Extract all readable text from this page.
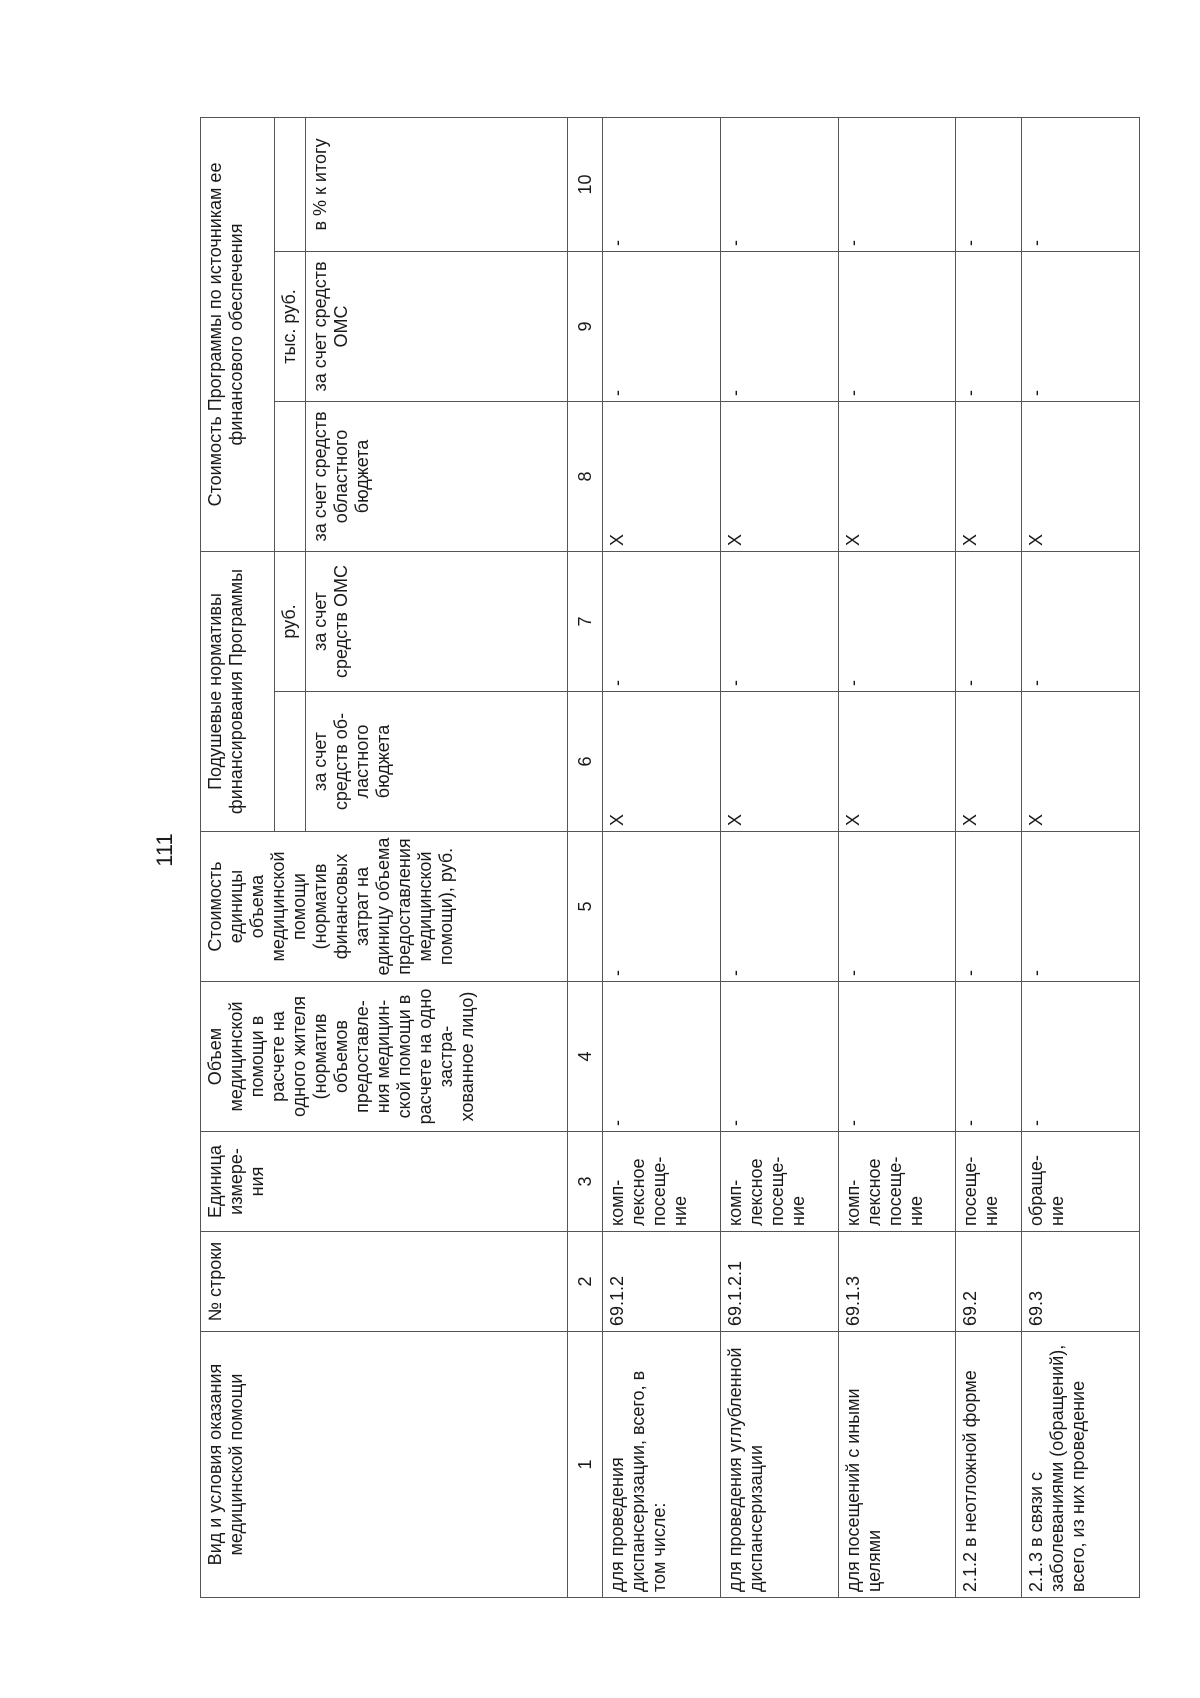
111
Вид и условия оказания медицинской помощи	№ строки	Единица измере-ния	Объем медицинской помощи в расчете на одного жителя (норматив объемов предоставле-ния медицин-ской помощи в расчете на одно застра-хованное лицо)	Стоимость единицы объема медицинской помощи (норматив финансовых затрат на единицу объема предоставления медицинской помощи), руб.	Подушевые нормативы финансирования Программы		Стоимость Программы по источникам ее финансового обеспечения		
						руб.		тыс. руб.	
					за счет средств об-ластного бюджета	за счет средств ОМС	за счет средств областного бюджета	за счет средств ОМС	в % к итогу
1	2	3	4	5	6	7	8	9	10
для проведения диспансеризации, всего, в том числе:	69.1.2	комп-лексное посеще-ние	-	-	X	-	X	-	-
для проведения углубленной диспансеризации	69.1.2.1	комп-лексное посеще-ние	-	-	X	-	X	-	-
для посещений с иными целями	69.1.3	комп-лексное посеще-ние	-	-	X	-	X	-	-
2.1.2 в неотложной форме	69.2	посеще-ние	-	-	X	-	X	-	-
2.1.3 в связи с заболеваниями (обращений), всего, из них проведение	69.3	обраще-ние	-	-	X	-	X	-	-
